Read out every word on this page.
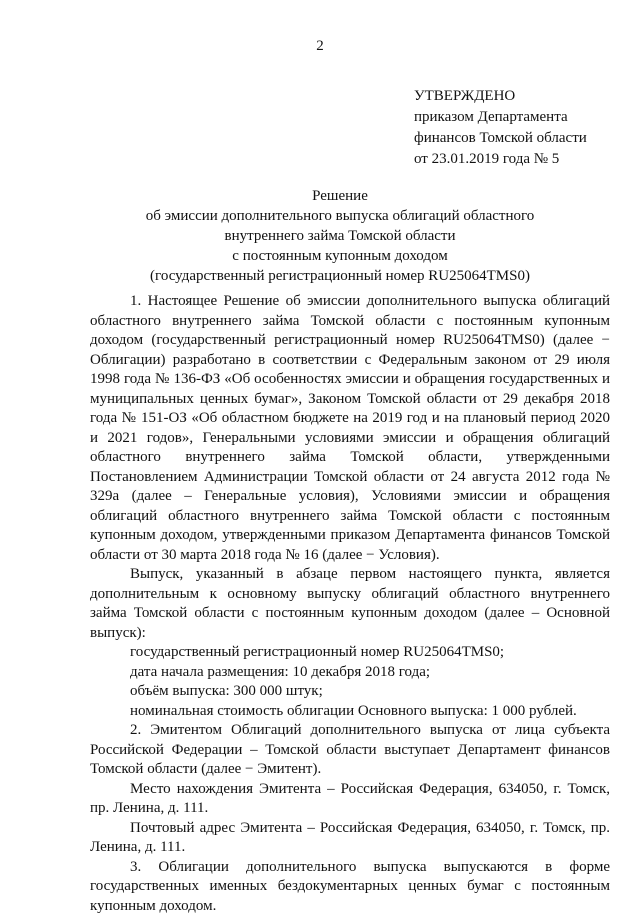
2
УТВЕРЖДЕНО
приказом Департамента
финансов Томской области
от 23.01.2019 года № 5
Решение
об эмиссии дополнительного выпуска облигаций областного
внутреннего займа Томской области
с постоянным купонным доходом
(государственный регистрационный номер RU25064TMS0)

1. Настоящее Решение об эмиссии дополнительного выпуска облигаций областного внутреннего займа Томской области с постоянным купонным доходом (государственный регистрационный номер RU25064TMS0) (далее − Облигации) разработано в соответствии с Федеральным законом от 29 июля 1998 года № 136-ФЗ «Об особенностях эмиссии и обращения государственных и муниципальных ценных бумаг», Законом Томской области от 29 декабря 2018 года № 151-ОЗ «Об областном бюджете на 2019 год и на плановый период 2020 и 2021 годов», Генеральными условиями эмиссии и обращения облигаций областного внутреннего займа Томской области, утвержденными Постановлением Администрации Томской области от 24 августа 2012 года № 329а (далее – Генеральные условия), Условиями эмиссии и обращения облигаций областного внутреннего займа Томской области с постоянным купонным доходом, утвержденными приказом Департамента финансов Томской области от 30 марта 2018 года № 16 (далее − Условия).

Выпуск, указанный в абзаце первом настоящего пункта, является дополнительным к основному выпуску облигаций областного внутреннего займа Томской области с постоянным купонным доходом (далее – Основной выпуск):

государственный регистрационный номер RU25064TMS0;

дата начала размещения: 10 декабря 2018 года;

объём выпуска: 300 000 штук;

номинальная стоимость облигации Основного выпуска: 1 000 рублей.

2. Эмитентом Облигаций дополнительного выпуска от лица субъекта Российской Федерации – Томской области выступает Департамент финансов Томской области (далее − Эмитент).

Место нахождения Эмитента – Российская Федерация, 634050, г. Томск, пр. Ленина, д. 111.

Почтовый адрес Эмитента – Российская Федерация, 634050, г. Томск, пр. Ленина, д. 111.

3. Облигации дополнительного выпуска выпускаются в форме государственных именных бездокументарных ценных бумаг с постоянным купонным доходом.
